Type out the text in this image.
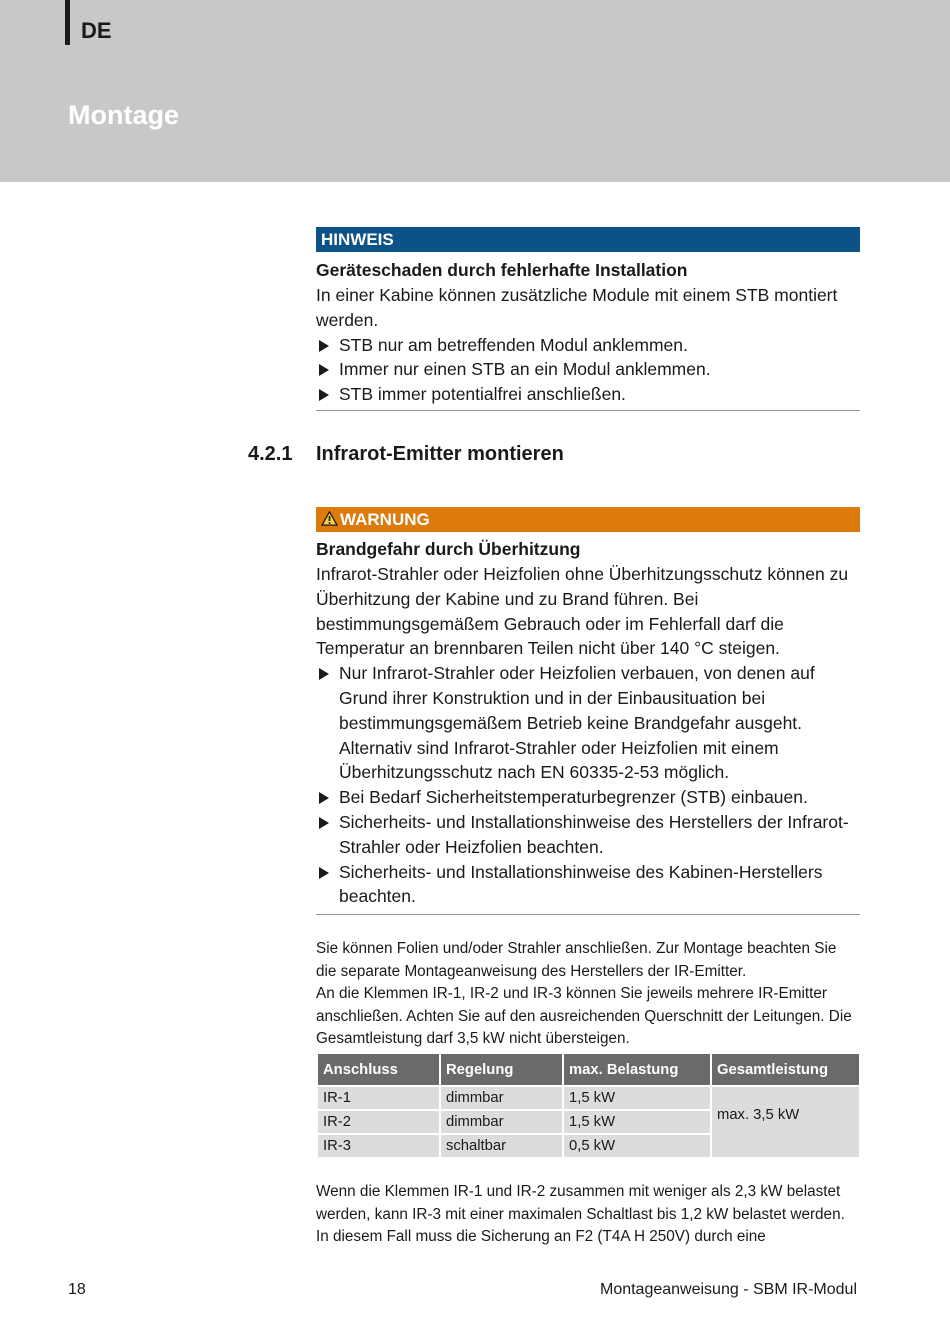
DE
Montage
HINWEIS
Geräteschaden durch fehlerhafte Installation
In einer Kabine können zusätzliche Module mit einem STB montiert werden.
STB nur am betreffenden Modul anklemmen.
Immer nur einen STB an ein Modul anklemmen.
STB immer potentialfrei anschließen.
4.2.1 Infrarot-Emitter montieren
WARNUNG
Brandgefahr durch Überhitzung
Infrarot-Strahler oder Heizfolien ohne Überhitzungsschutz können zu Überhitzung der Kabine und zu Brand führen. Bei bestimmungsgemäßem Gebrauch oder im Fehlerfall darf die Temperatur an brennbaren Teilen nicht über 140 °C steigen.
Nur Infrarot-Strahler oder Heizfolien verbauen, von denen auf Grund ihrer Konstruktion und in der Einbausituation bei bestimmungsgemäßem Betrieb keine Brandgefahr ausgeht. Alternativ sind Infrarot-Strahler oder Heizfolien mit einem Überhitzungsschutz nach EN 60335-2-53 möglich.
Bei Bedarf Sicherheitstemperaturbegrenzer (STB) einbauen.
Sicherheits- und Installationshinweise des Herstellers der Infrarot-Strahler oder Heizfolien beachten.
Sicherheits- und Installationshinweise des Kabinen-Herstellers beachten.
Sie können Folien und/oder Strahler anschließen. Zur Montage beachten Sie die separate Montageanweisung des Herstellers der IR-Emitter.
An die Klemmen IR-1, IR-2 und IR-3 können Sie jeweils mehrere IR-Emitter anschließen. Achten Sie auf den ausreichenden Querschnitt der Leitungen. Die Gesamtleistung darf 3,5 kW nicht übersteigen.
Anschluss	Regelung	max. Belastung	Gesamtleistung
IR-1	dimmbar	1,5 kW	max. 3,5 kW
IR-2	dimmbar	1,5 kW	
IR-3	schaltbar	0,5 kW	
Wenn die Klemmen IR-1 und IR-2 zusammen mit weniger als 2,3 kW belastet werden, kann IR-3 mit einer maximalen Schaltlast bis 1,2 kW belastet werden. In diesem Fall muss die Sicherung an F2 (T4A H 250V) durch eine
18	Montageanweisung - SBM IR-Modul
